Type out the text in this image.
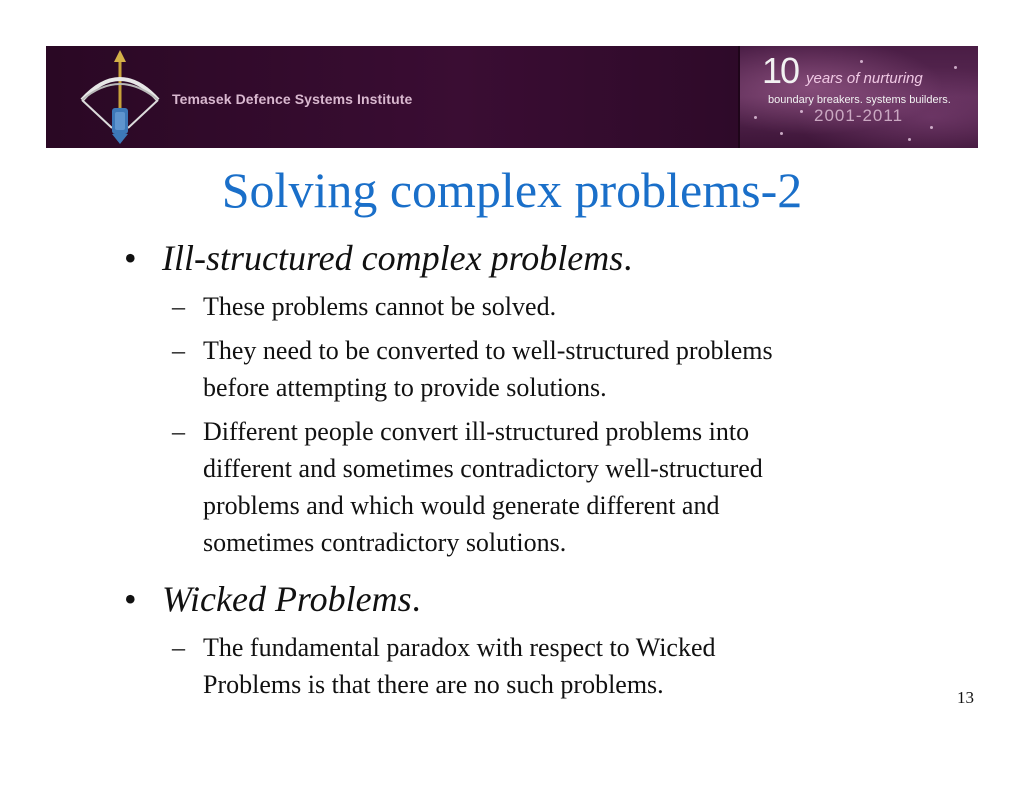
Temasek Defence Systems Institute
10 years of nurturing
boundary breakers. systems builders.
2001-2011
Solving complex problems-2
• Ill-structured complex problems.
– These problems cannot be solved.
– They need to be converted to well-structured problems
before attempting to provide solutions.
– Different people convert ill-structured problems into
different and sometimes contradictory well-structured
problems and which would generate different and
sometimes contradictory solutions.
• Wicked Problems.
– The fundamental paradox with respect to Wicked
Problems is that there are no such problems.	13
